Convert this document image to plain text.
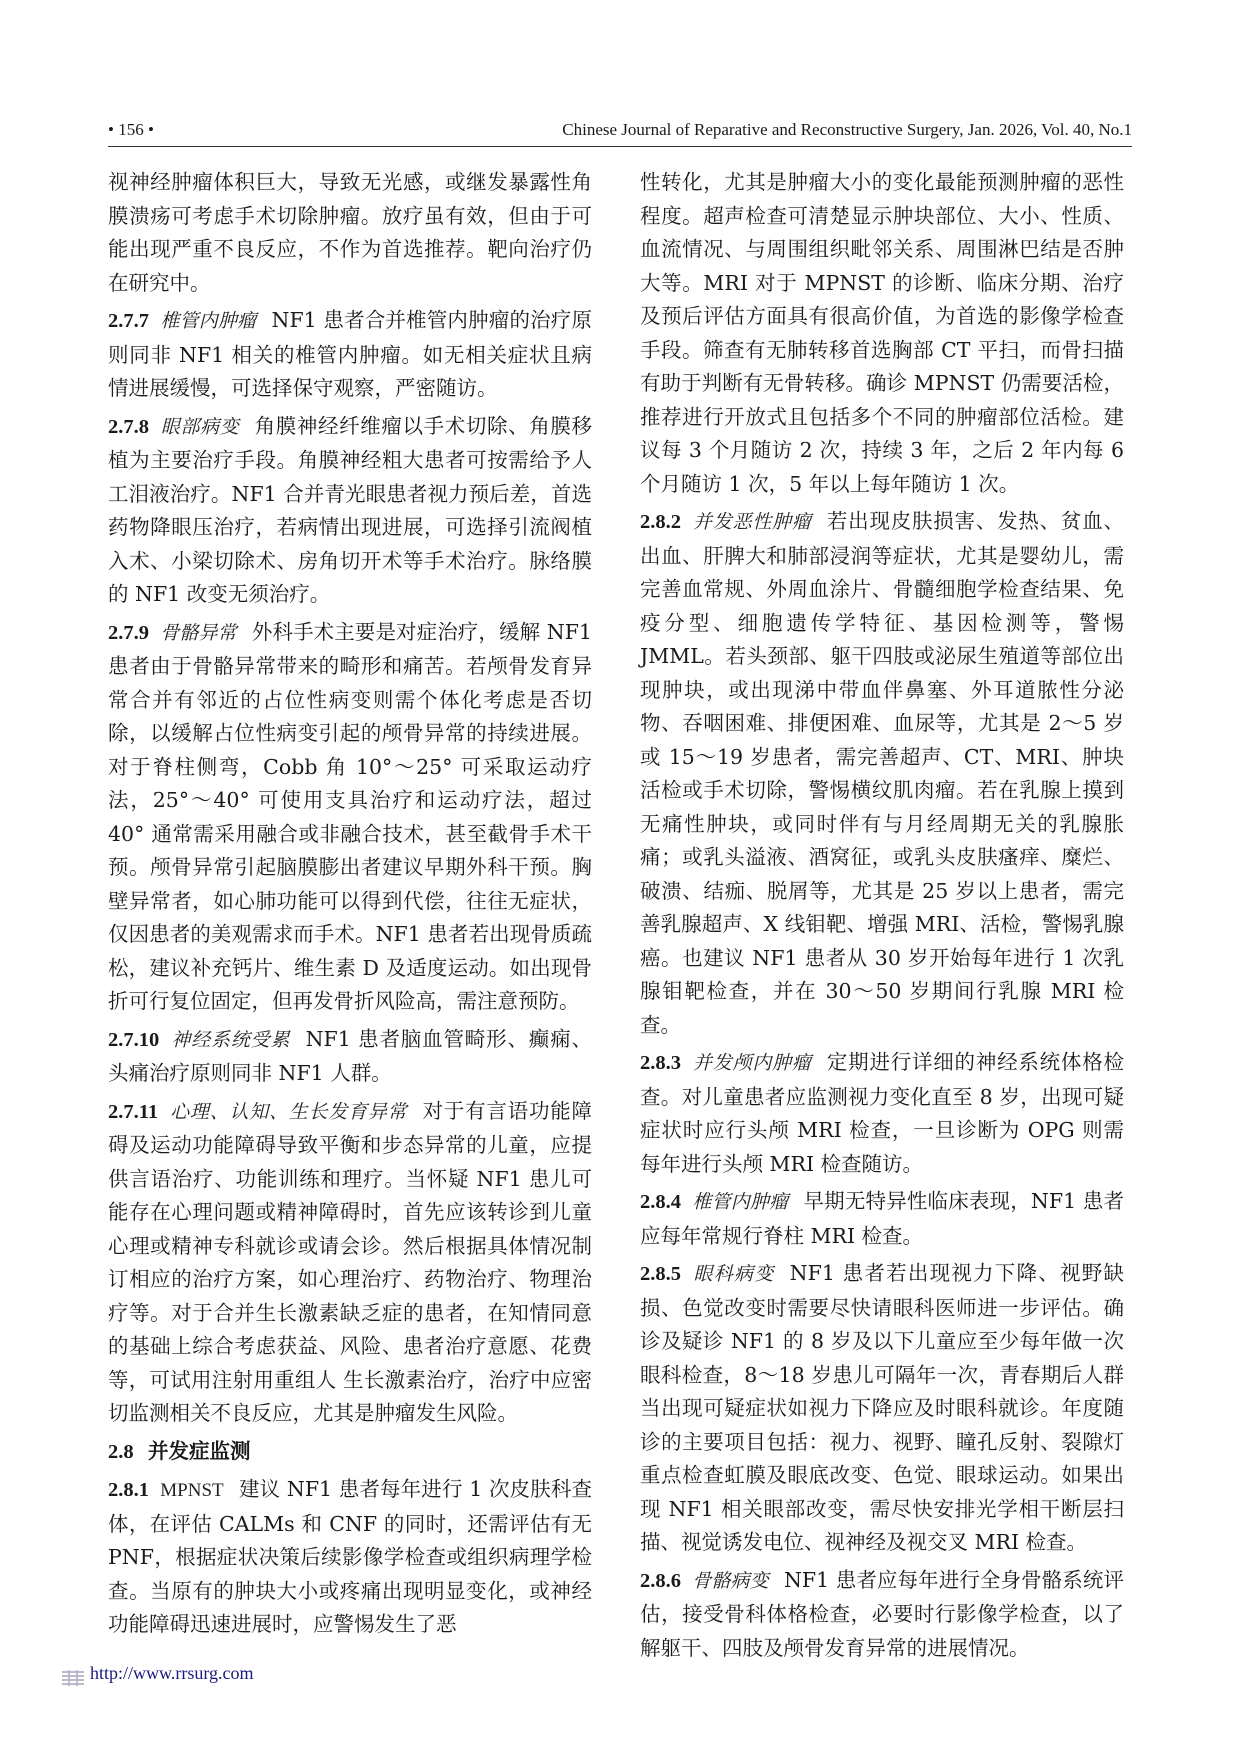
• 156 •	Chinese Journal of Reparative and Reconstructive Surgery, Jan. 2026, Vol. 40, No.1

视神经肿瘤体积巨大，导致无光感，或继发暴露性角膜溃疡可考虑手术切除肿瘤。放疗虽有效，但由于可能出现严重不良反应，不作为首选推荐。靶向治疗仍在研究中。

2.7.7 椎管内肿瘤 NF1 患者合并椎管内肿瘤的治疗原则同非 NF1 相关的椎管内肿瘤。如无相关症状且病情进展缓慢，可选择保守观察，严密随访。

2.7.8 眼部病变 角膜神经纤维瘤以手术切除、角膜移植为主要治疗手段。角膜神经粗大患者可按需给予人工泪液治疗。NF1 合并青光眼患者视力预后差，首选药物降眼压治疗，若病情出现进展，可选择引流阀植入术、小梁切除术、房角切开术等手术治疗。脉络膜的 NF1 改变无须治疗。

2.7.9 骨骼异常 外科手术主要是对症治疗，缓解 NF1 患者由于骨骼异常带来的畸形和痛苦。若颅骨发育异常合并有邻近的占位性病变则需个体化考虑是否切除，以缓解占位性病变引起的颅骨异常的持续进展。对于脊柱侧弯，Cobb 角 10°～25° 可采取运动疗法，25°～40° 可使用支具治疗和运动疗法，超过 40° 通常需采用融合或非融合技术，甚至截骨手术干预。颅骨异常引起脑膜膨出者建议早期外科干预。胸壁异常者，如心肺功能可以得到代偿，往往无症状，仅因患者的美观需求而手术。NF1 患者若出现骨质疏松，建议补充钙片、维生素 D 及适度运动。如出现骨折可行复位固定，但再发骨折风险高，需注意预防。

2.7.10 神经系统受累 NF1 患者脑血管畸形、癫痫、头痛治疗原则同非 NF1 人群。

2.7.11 心理、认知、生长发育异常 对于有言语功能障碍及运动功能障碍导致平衡和步态异常的儿童，应提供言语治疗、功能训练和理疗。当怀疑 NF1 患儿可能存在心理问题或精神障碍时，首先应该转诊到儿童心理或精神专科就诊或请会诊。然后根据具体情况制订相应的治疗方案，如心理治疗、药物治疗、物理治疗等。对于合并生长激素缺乏症的患者，在知情同意的基础上综合考虑获益、风险、患者治疗意愿、花费等，可试用注射用重组人 生长激素治疗，治疗中应密切监测相关不良反应，尤其是肿瘤发生风险。

2.8 并发症监测

2.8.1 MPNST 建议 NF1 患者每年进行 1 次皮肤科查体，在评估 CALMs 和 CNF 的同时，还需评估有无 PNF，根据症状决策后续影像学检查或组织病理学检查。当原有的肿块大小或疼痛出现明显变化，或神经功能障碍迅速进展时，应警惕发生了恶

性转化，尤其是肿瘤大小的变化最能预测肿瘤的恶性程度。超声检查可清楚显示肿块部位、大小、性质、血流情况、与周围组织毗邻关系、周围淋巴结是否肿大等。MRI 对于 MPNST 的诊断、临床分期、治疗及预后评估方面具有很高价值，为首选的影像学检查手段。筛查有无肺转移首选胸部 CT 平扫，而骨扫描有助于判断有无骨转移。确诊 MPNST 仍需要活检，推荐进行开放式且包括多个不同的肿瘤部位活检。建议每 3 个月随访 2 次，持续 3 年，之后 2 年内每 6 个月随访 1 次，5 年以上每年随访 1 次。

2.8.2 并发恶性肿瘤 若出现皮肤损害、发热、贫血、出血、肝脾大和肺部浸润等症状，尤其是婴幼儿，需完善血常规、外周血涂片、骨髓细胞学检查结果、免疫分型、细胞遗传学特征、基因检测等，警惕 JMML。若头颈部、躯干四肢或泌尿生殖道等部位出现肿块，或出现涕中带血伴鼻塞、外耳道脓性分泌物、吞咽困难、排便困难、血尿等，尤其是 2～5 岁或 15～19 岁患者，需完善超声、CT、MRI、肿块活检或手术切除，警惕横纹肌肉瘤。若在乳腺上摸到无痛性肿块，或同时伴有与月经周期无关的乳腺胀痛；或乳头溢液、酒窝征，或乳头皮肤瘙痒、糜烂、破溃、结痂、脱屑等，尤其是 25 岁以上患者，需完善乳腺超声、X 线钼靶、增强 MRI、活检，警惕乳腺癌。也建议 NF1 患者从 30 岁开始每年进行 1 次乳腺钼靶检查，并在 30～50 岁期间行乳腺 MRI 检查。

2.8.3 并发颅内肿瘤 定期进行详细的神经系统体格检查。对儿童患者应监测视力变化直至 8 岁，出现可疑症状时应行头颅 MRI 检查，一旦诊断为 OPG 则需每年进行头颅 MRI 检查随访。

2.8.4 椎管内肿瘤 早期无特异性临床表现，NF1 患者应每年常规行脊柱 MRI 检查。

2.8.5 眼科病变 NF1 患者若出现视力下降、视野缺损、色觉改变时需要尽快请眼科医师进一步评估。确诊及疑诊 NF1 的 8 岁及以下儿童应至少每年做一次眼科检查，8～18 岁患儿可隔年一次，青春期后人群当出现可疑症状如视力下降应及时眼科就诊。年度随诊的主要项目包括：视力、视野、瞳孔反射、裂隙灯重点检查虹膜及眼底改变、色觉、眼球运动。如果出现 NF1 相关眼部改变，需尽快安排光学相干断层扫描、视觉诱发电位、视神经及视交叉 MRI 检查。

2.8.6 骨骼病变 NF1 患者应每年进行全身骨骼系统评估，接受骨科体格检查，必要时行影像学检查，以了解躯干、四肢及颅骨发育异常的进展情况。

http://www.rrsurg.com
